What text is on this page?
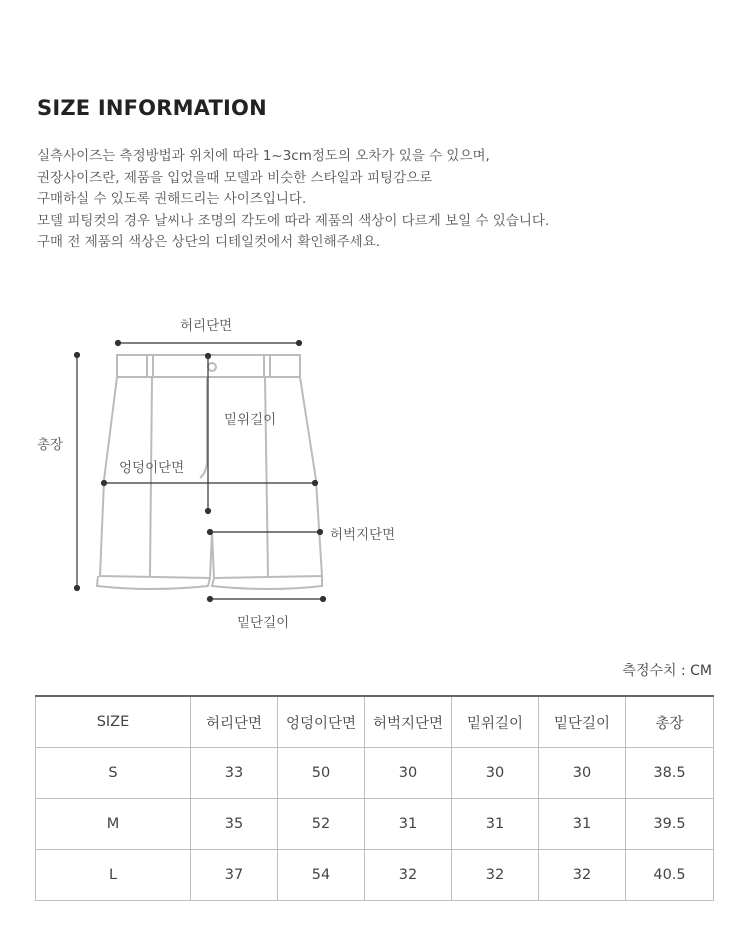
SIZE INFORMATION
실측사이즈는 측정방법과 위치에 따라 1~3cm정도의 오차가 있을 수 있으며,
권장사이즈란, 제품을 입었을때 모델과 비슷한 스타일과 피팅감으로
구매하실 수 있도록 권해드리는 사이즈입니다.
모델 피팅컷의 경우 날씨나 조명의 각도에 따라 제품의 색상이 다르게 보일 수 있습니다.
구매 전 제품의 색상은 상단의 디테일컷에서 확인해주세요.
허리단면
총장
밑위길이
엉덩이단면
허벅지단면
밑단길이
측정수치 : CM
SIZE	허리단면	엉덩이단면	허벅지단면	밑위길이	밑단길이	총장
S	33	50	30	30	30	38.5
M	35	52	31	31	31	39.5
L	37	54	32	32	32	40.5
